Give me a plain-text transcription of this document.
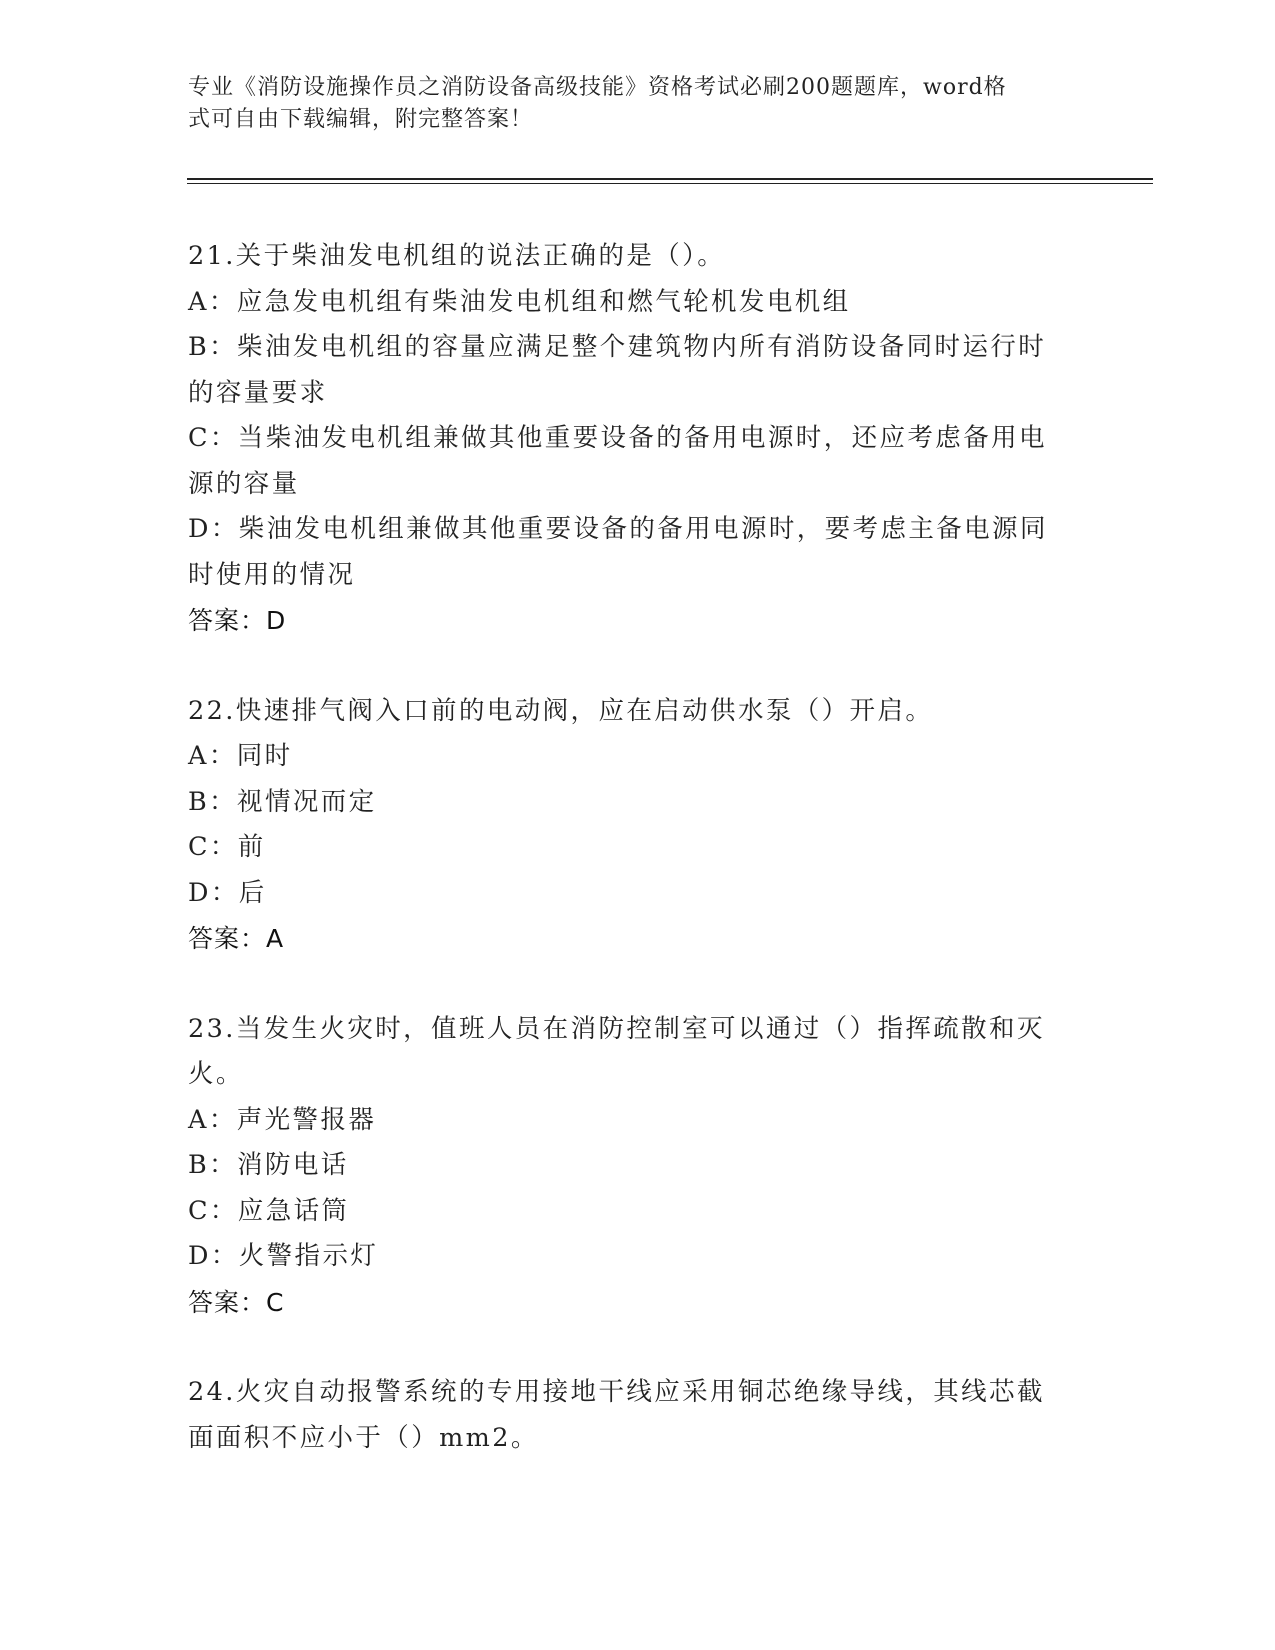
专业《消防设施操作员之消防设备高级技能》资格考试必刷200题题库，word格
式可自由下载编辑，附完整答案！

21.关于柴油发电机组的说法正确的是（）。

A：应急发电机组有柴油发电机组和燃气轮机发电机组

B：柴油发电机组的容量应满足整个建筑物内所有消防设备同时运行时

的容量要求

C：当柴油发电机组兼做其他重要设备的备用电源时，还应考虑备用电

源的容量

D：柴油发电机组兼做其他重要设备的备用电源时，要考虑主备电源同

时使用的情况

答案：D

22.快速排气阀入口前的电动阀，应在启动供水泵（）开启。

A：同时

B：视情况而定

C：前

D：后

答案：A

23.当发生火灾时，值班人员在消防控制室可以通过（）指挥疏散和灭

火。

A：声光警报器

B：消防电话

C：应急话筒

D：火警指示灯

答案：C

24.火灾自动报警系统的专用接地干线应采用铜芯绝缘导线，其线芯截

面面积不应小于（）mm2。
